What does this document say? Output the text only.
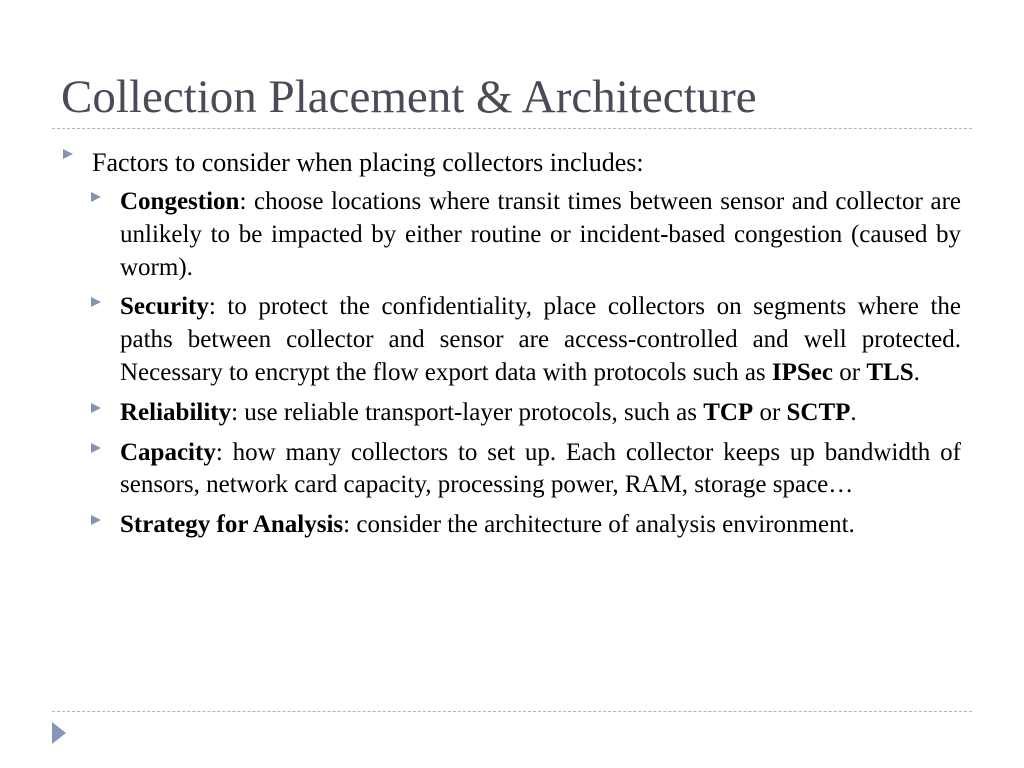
Collection Placement & Architecture
Factors to consider when placing collectors includes:
Congestion: choose locations where transit times between sensor and collector are unlikely to be impacted by either routine or incident-based congestion (caused by worm).
Security: to protect the confidentiality, place collectors on segments where the paths between collector and sensor are access-controlled and well protected. Necessary to encrypt the flow export data with protocols such as IPSec or TLS.
Reliability: use reliable transport-layer protocols, such as TCP or SCTP.
Capacity: how many collectors to set up. Each collector keeps up bandwidth of sensors, network card capacity, processing power, RAM, storage space…
Strategy for Analysis: consider the architecture of analysis environment.
